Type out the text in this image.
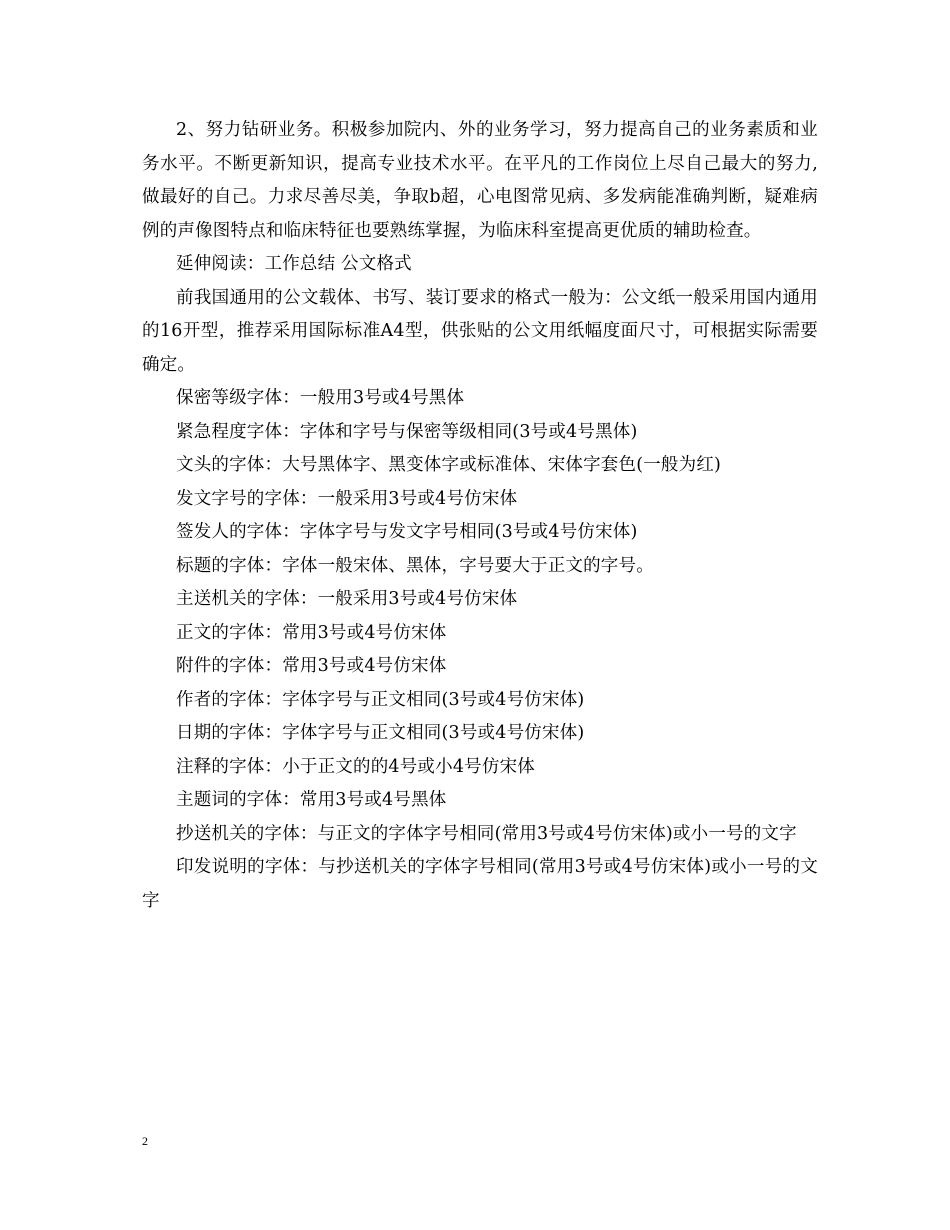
2、努力钻研业务。积极参加院内、外的业务学习，努力提高自己的业务素质和业务水平。不断更新知识，提高专业技术水平。在平凡的工作岗位上尽自己最大的努力,做最好的自己。力求尽善尽美，争取b超，心电图常见病、多发病能准确判断，疑难病例的声像图特点和临床特征也要熟练掌握，为临床科室提高更优质的辅助检查。

延伸阅读：工作总结 公文格式

前我国通用的公文载体、书写、装订要求的格式一般为：公文纸一般采用国内通用的16开型，推荐采用国际标准A4型，供张贴的公文用纸幅度面尺寸，可根据实际需要确定。

保密等级字体：一般用3号或4号黑体

紧急程度字体：字体和字号与保密等级相同(3号或4号黑体)

文头的字体：大号黑体字、黑变体字或标准体、宋体字套色(一般为红)

发文字号的字体：一般采用3号或4号仿宋体

签发人的字体：字体字号与发文字号相同(3号或4号仿宋体)

标题的字体：字体一般宋体、黑体，字号要大于正文的字号。

主送机关的字体：一般采用3号或4号仿宋体

正文的字体：常用3号或4号仿宋体

附件的字体：常用3号或4号仿宋体

作者的字体：字体字号与正文相同(3号或4号仿宋体)

日期的字体：字体字号与正文相同(3号或4号仿宋体)

注释的字体：小于正文的的4号或小4号仿宋体

主题词的字体：常用3号或4号黑体

抄送机关的字体：与正文的字体字号相同(常用3号或4号仿宋体)或小一号的文字

印发说明的字体：与抄送机关的字体字号相同(常用3号或4号仿宋体)或小一号的文字

2
